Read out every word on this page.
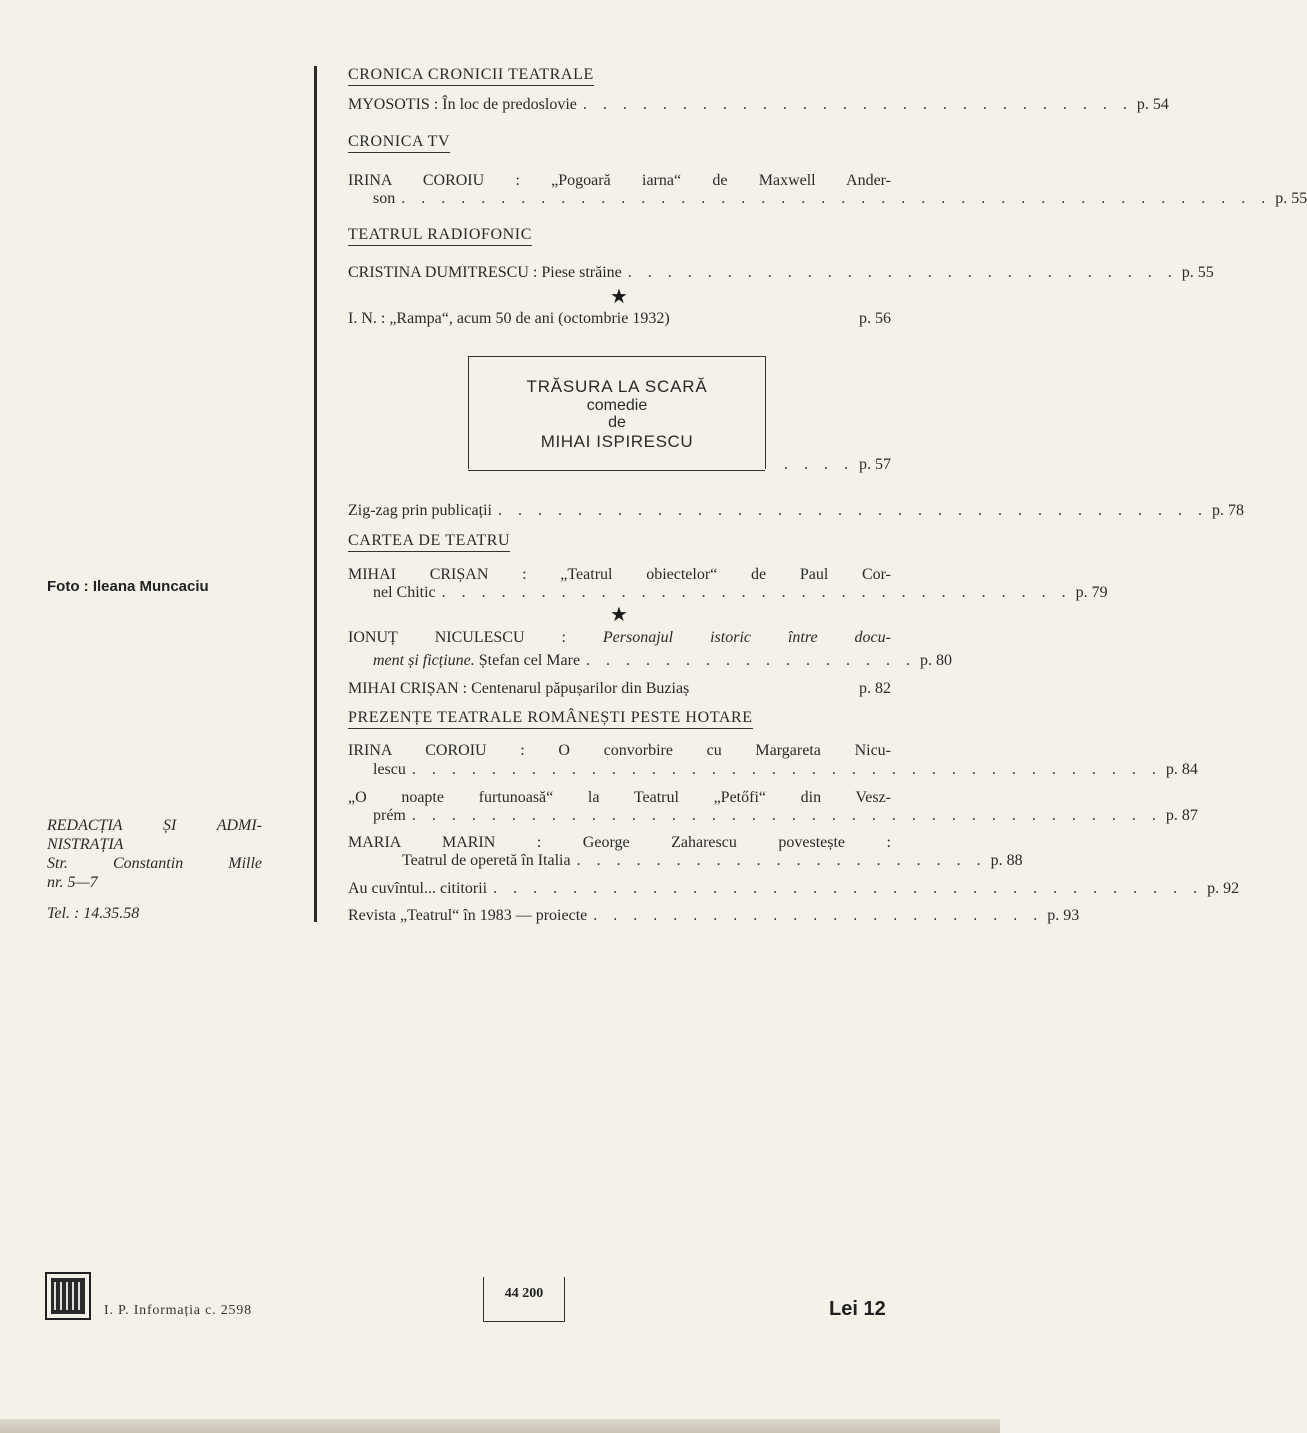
Foto : Ileana Muncaciu
REDACȚIA	ȘI	ADMI-
NISTRAȚIA
Str.	Constantin	Mille
nr. 5—7
Tel. : 14.35.58
CRONICA CRONICII TEATRALE
MYOSOTIS : În loc de predoslovie . . . . . . . . . . . . . . . . . . . . . . . . . . . . p. 54
CRONICA TV
IRINA COROIU : „Pogoară iarna“ de Maxwell Ander-
son . . . . . . . . . . . . . . . . . . . . . . . . . . . . . . . . . . . . . . . . . . . . p. 55
TEATRUL RADIOFONIC
CRISTINA DUMITRESCU : Piese străine . . . . . . . . . . . . . . . . . . . . . . . . . . . . p. 55
★
I. N. : „Rampa“, acum 50 de ani (octombrie 1932)	p. 56
TRĂSURA LA SCARĂ
comedie
de
MIHAI ISPIRESCU
. . . . p. 57
Zig-zag prin publicații . . . . . . . . . . . . . . . . . . . . . . . . . . . . . . . . . . . . p. 78
CARTEA DE TEATRU
MIHAI CRIȘAN : „Teatrul obiectelor“ de Paul Cor-
nel Chitic . . . . . . . . . . . . . . . . . . . . . . . . . . . . . . . . p. 79
★
IONUȚ NICULESCU : Personajul istoric între docu-
ment și ficțiune. Ștefan cel Mare . . . . . . . . . . . . . . . . . p. 80
MIHAI CRIȘAN : Centenarul păpușarilor din Buziaș	p. 82
PREZENȚE TEATRALE ROMÂNEȘTI PESTE HOTARE
IRINA COROIU : O convorbire cu Margareta Nicu-
lescu . . . . . . . . . . . . . . . . . . . . . . . . . . . . . . . . . . . . . . p. 84
„O noapte furtunoasă“ la Teatrul „Petőfi“ din Vesz-
prém . . . . . . . . . . . . . . . . . . . . . . . . . . . . . . . . . . . . . . p. 87
MARIA MARIN : George Zaharescu povestește :
Teatrul de operetă în Italia . . . . . . . . . . . . . . . . . . . . . p. 88
Au cuvîntul... cititorii . . . . . . . . . . . . . . . . . . . . . . . . . . . . . . . . . . . . p. 92
Revista „Teatrul“ în 1983 — proiecte . . . . . . . . . . . . . . . . . . . . . . . p. 93
I. P. Informația c. 2598
44 200
Lei 12
